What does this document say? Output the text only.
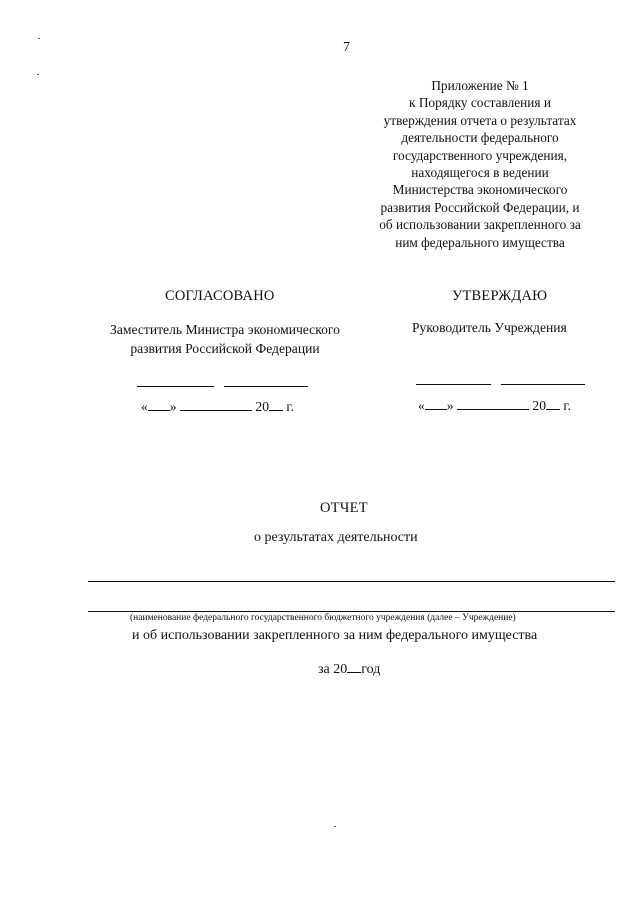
7
Приложение № 1
к Порядку составления и
утверждения отчета о результатах
деятельности федерального
государственного учреждения,
находящегося в ведении
Министерства экономического
развития Российской Федерации, и
об использовании закрепленного за
ним федерального имущества
СОГЛАСОВАНО	УТВЕРЖДАЮ
Заместитель Министра экономического
развития Российской Федерации
Руководитель Учреждения
« »	20 г.	« »	20 г.
ОТЧЕТ
о результатах деятельности
(наименование федерального государственного бюджетного учреждения (далее – Учреждение)
и об использовании закрепленного за ним федерального имущества
за 20 год
